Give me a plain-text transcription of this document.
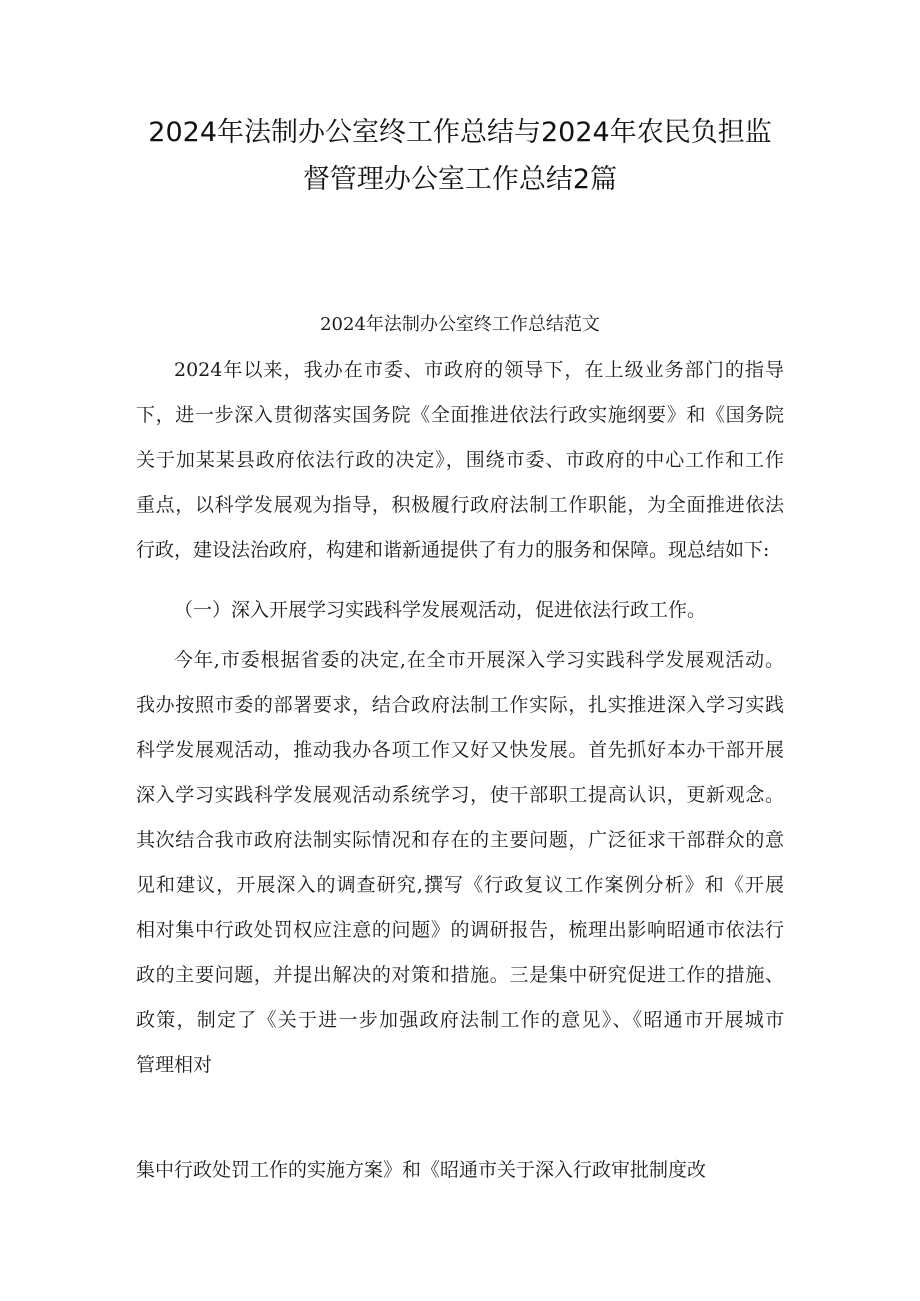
2024年法制办公室终工作总结与2024年农民负担监
督管理办公室工作总结2篇
2024年法制办公室终工作总结范文
2024年以来，我办在市委、市政府的领导下，在上级业务部门的指导
下，进一步深入贯彻落实国务院《全面推进依法行政实施纲要》和《国务院
关于加某某县政府依法行政的决定》，围绕市委、市政府的中心工作和工作
重点，以科学发展观为指导，积极履行政府法制工作职能，为全面推进依法
行政，建设法治政府，构建和谐新通提供了有力的服务和保障。现总结如下:
（一）深入开展学习实践科学发展观活动，促进依法行政工作。
今年,市委根据省委的决定,在全市开展深入学习实践科学发展观活动。
我办按照市委的部署要求，结合政府法制工作实际，扎实推进深入学习实践
科学发展观活动，推动我办各项工作又好又快发展。首先抓好本办干部开展
深入学习实践科学发展观活动系统学习，使干部职工提高认识，更新观念。
其次结合我市政府法制实际情况和存在的主要问题，广泛征求干部群众的意
见和建议，开展深入的调查研究,撰写《行政复议工作案例分析》和《开展
相对集中行政处罚权应注意的问题》的调研报告，梳理出影响昭通市依法行
政的主要问题，并提出解决的对策和措施。三是集中研究促进工作的措施、
政策，制定了《关于进一步加强政府法制工作的意见》、《昭通市开展城市
管理相对
集中行政处罚工作的实施方案》和《昭通市关于深入行政审批制度改
